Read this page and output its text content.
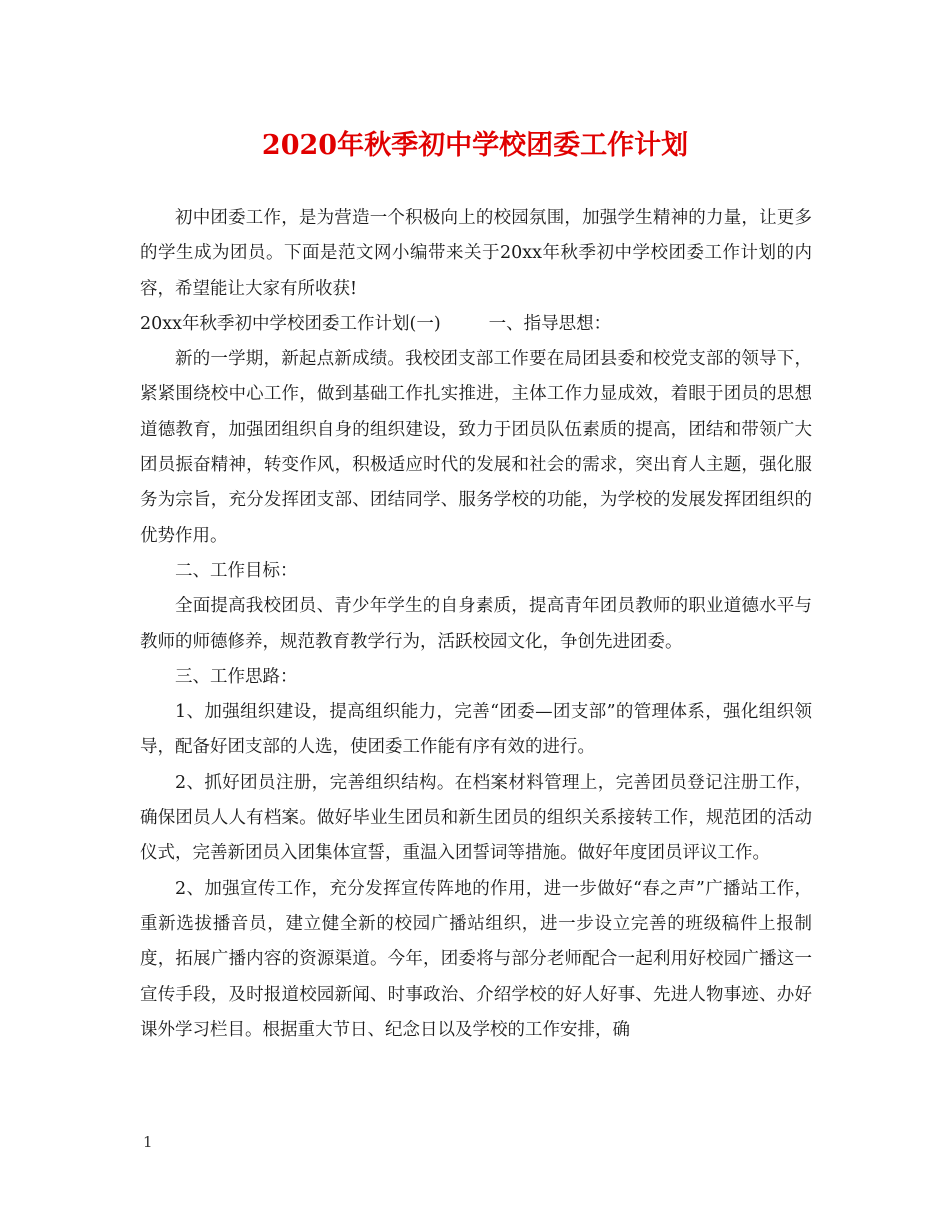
2020年秋季初中学校团委工作计划

初中团委工作，是为营造一个积极向上的校园氛围，加强学生精神的力量，让更多的学生成为团员。下面是范文网小编带来关于20xx年秋季初中学校团委工作计划的内容，希望能让大家有所收获!

20xx年秋季初中学校团委工作计划(一)	一、指导思想：

新的一学期，新起点新成绩。我校团支部工作要在局团县委和校党支部的领导下，紧紧围绕校中心工作，做到基础工作扎实推进，主体工作力显成效，着眼于团员的思想道德教育，加强团组织自身的组织建设，致力于团员队伍素质的提高，团结和带领广大团员振奋精神，转变作风，积极适应时代的发展和社会的需求，突出育人主题，强化服务为宗旨，充分发挥团支部、团结同学、服务学校的功能，为学校的发展发挥团组织的优势作用。

二、工作目标：

全面提高我校团员、青少年学生的自身素质，提高青年团员教师的职业道德水平与教师的师德修养，规范教育教学行为，活跃校园文化，争创先进团委。

三、工作思路：

1、加强组织建设，提高组织能力，完善“团委—团支部”的管理体系，强化组织领导，配备好团支部的人选，使团委工作能有序有效的进行。

2、抓好团员注册，完善组织结构。在档案材料管理上，完善团员登记注册工作，确保团员人人有档案。做好毕业生团员和新生团员的组织关系接转工作，规范团的活动仪式，完善新团员入团集体宣誓，重温入团誓词等措施。做好年度团员评议工作。

2、加强宣传工作，充分发挥宣传阵地的作用，进一步做好“春之声”广播站工作，重新选拔播音员，建立健全新的校园广播站组织，进一步设立完善的班级稿件上报制度，拓展广播内容的资源渠道。今年，团委将与部分老师配合一起利用好校园广播这一宣传手段，及时报道校园新闻、时事政治、介绍学校的好人好事、先进人物事迹、办好课外学习栏目。根据重大节日、纪念日以及学校的工作安排，确

1
